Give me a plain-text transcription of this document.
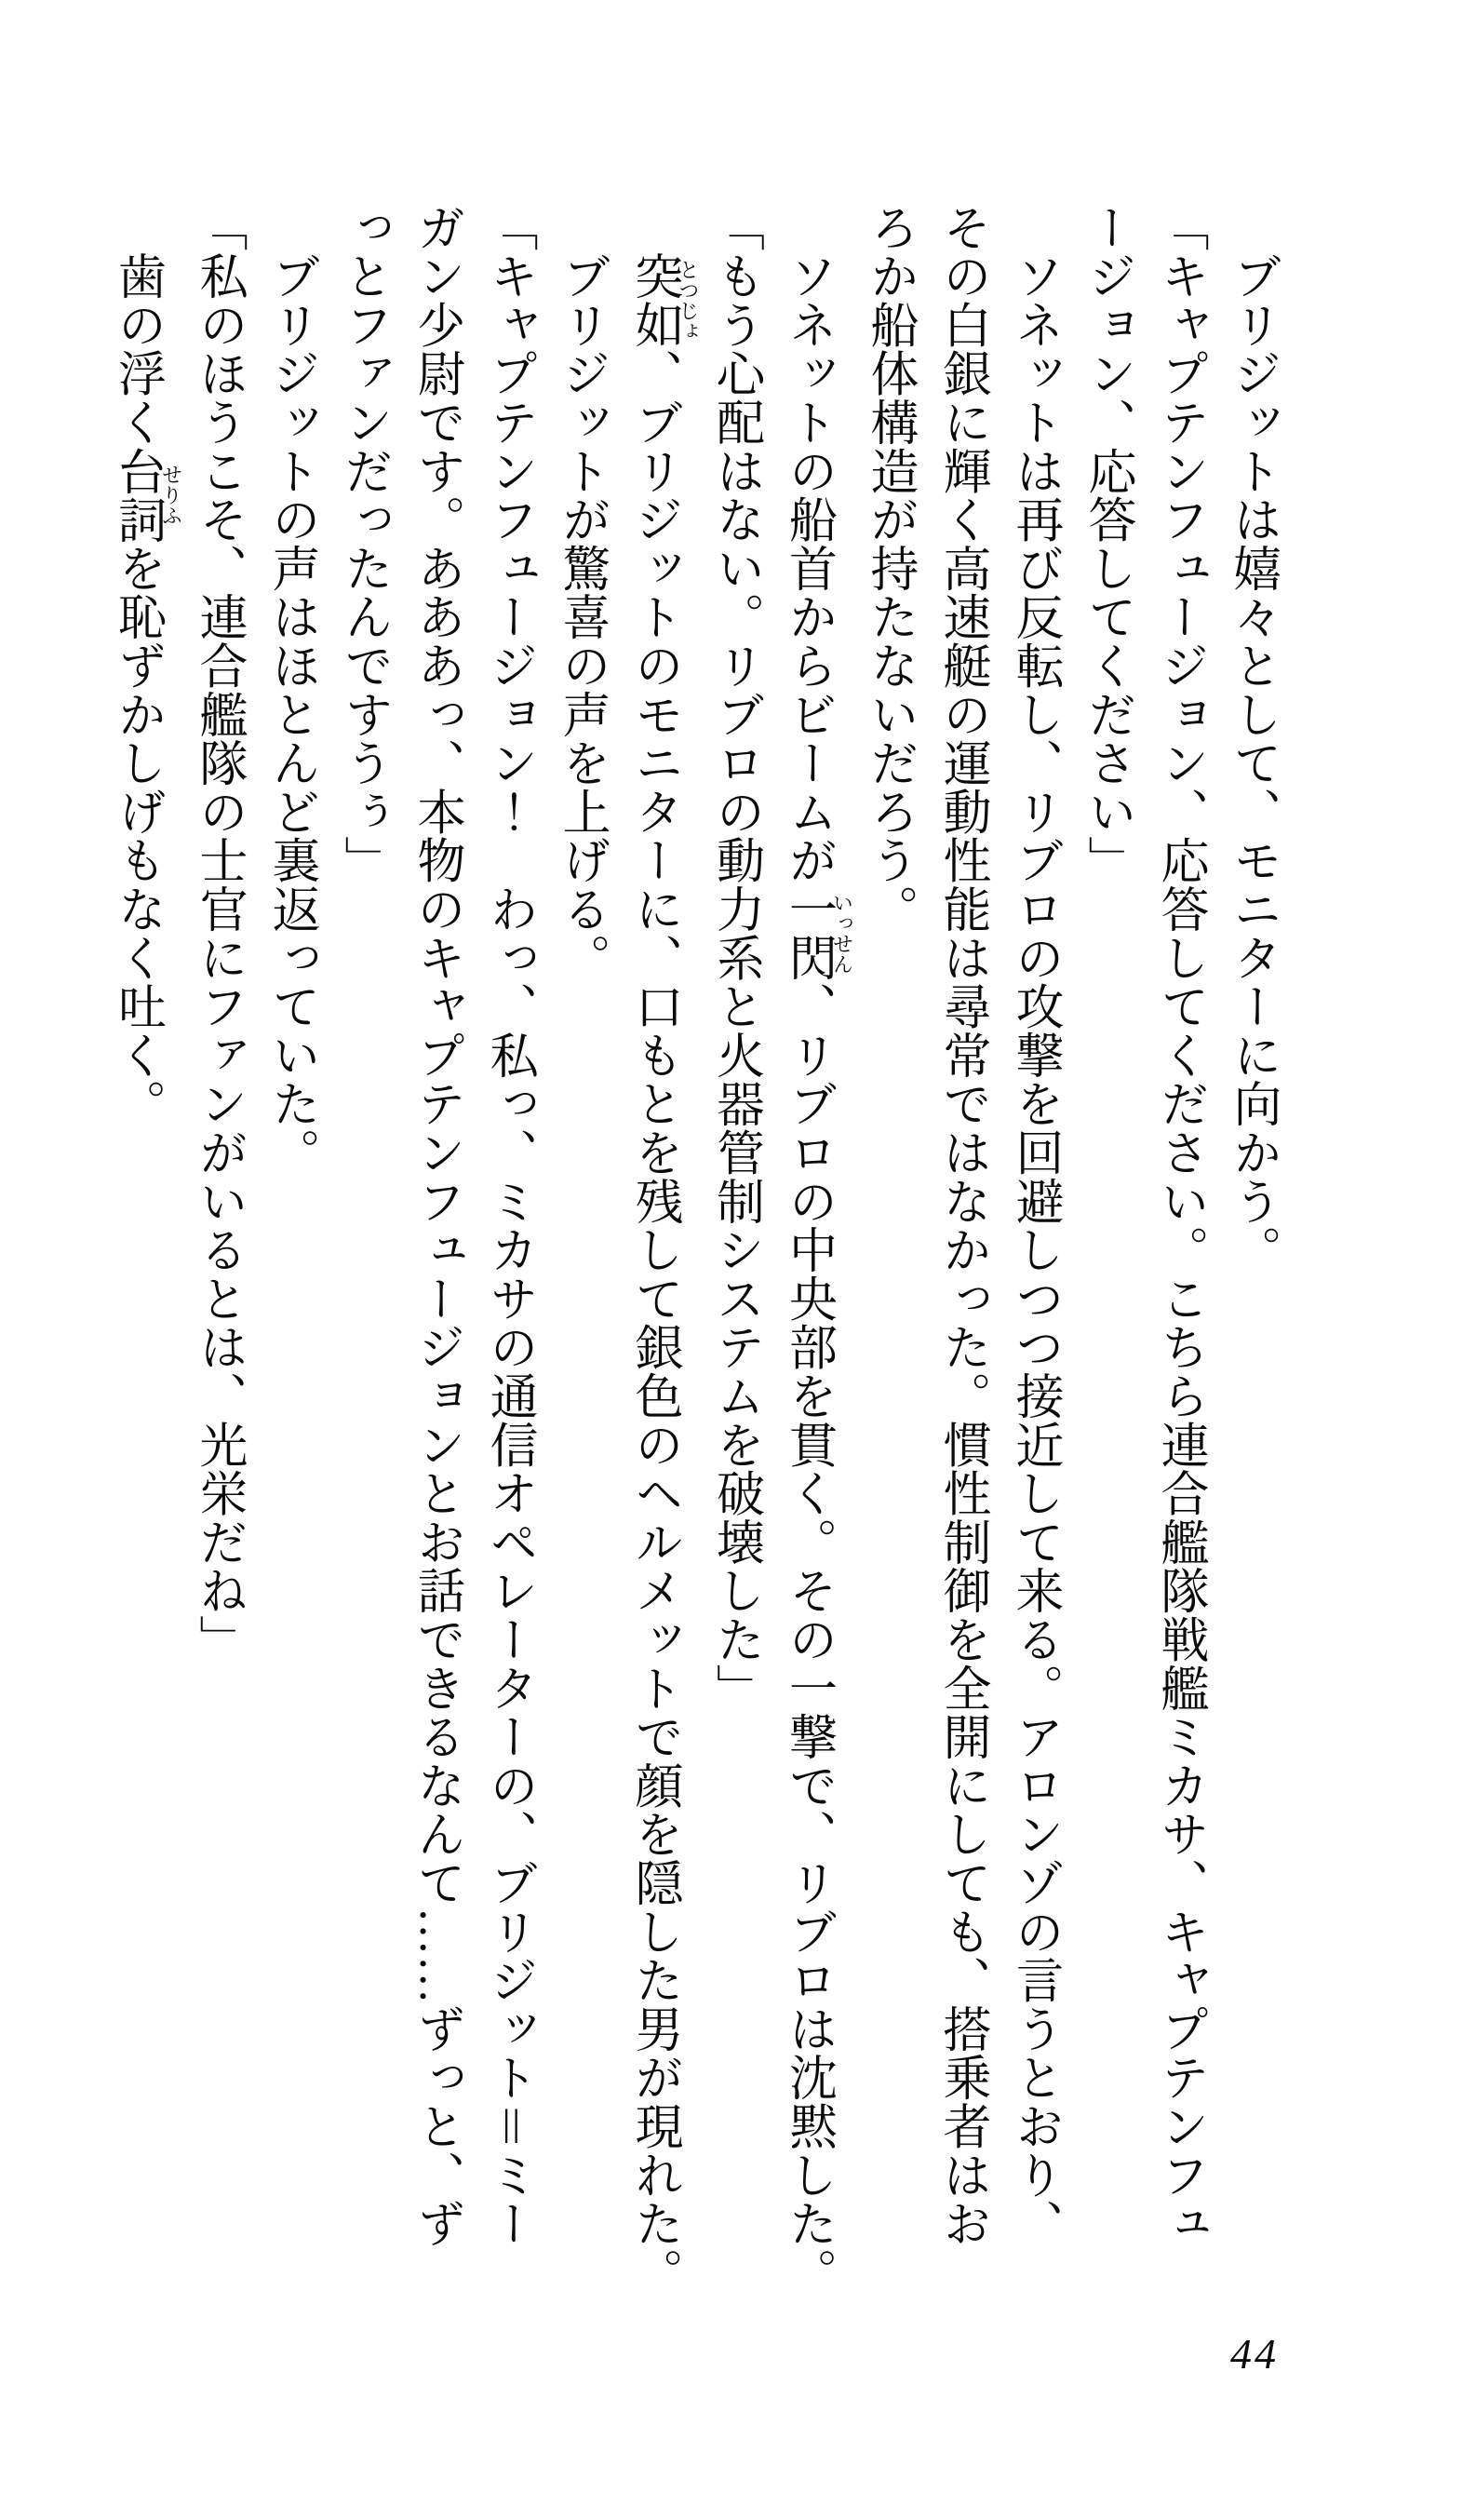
　ブリジットは嬉々として、モニターに向かう。
「キャプテンフュージョン、応答してください。こちら連合艦隊戦艦ミカサ、キャプテンフュ
ージョン、応答してください」
　ソネットは再び反転し、リブロの攻撃を回避しつつ接近して来る。アロンゾの言うとおり、
その白銀に輝く高速艇の運動性能は尋常ではなかった。慣性制御を全開にしても、搭乗者はお
ろか船体構造が持たないだろう。
　ソネットの船首からビームが一閃いっせん、リブロの中央部を貫く。その一撃で、リブロは沈黙した。
「もう心配はない。リブロの動力系と火器管制システムを破壊した」
　突如とつじょ、ブリジットのモニターに、口もとを残して銀色のヘルメットで顔を隠した男が現れた。
　ブリジットが驚喜の声を上げる。
「キャプテンフュージョン！　わっ、私っ、ミカサの通信オペレーターの、ブリジット＝ミー
ガン少尉です。あああっ、本物のキャプテンフュージョンとお話できるなんて……ずっと、ず
っとファンだったんですうぅ」
　ブリジットの声はほとんど裏返っていた。
「私のほうこそ、連合艦隊の士官にファンがいるとは、光栄だね」
　歯の浮く台詞せりふを恥ずかしげもなく吐く。
44
